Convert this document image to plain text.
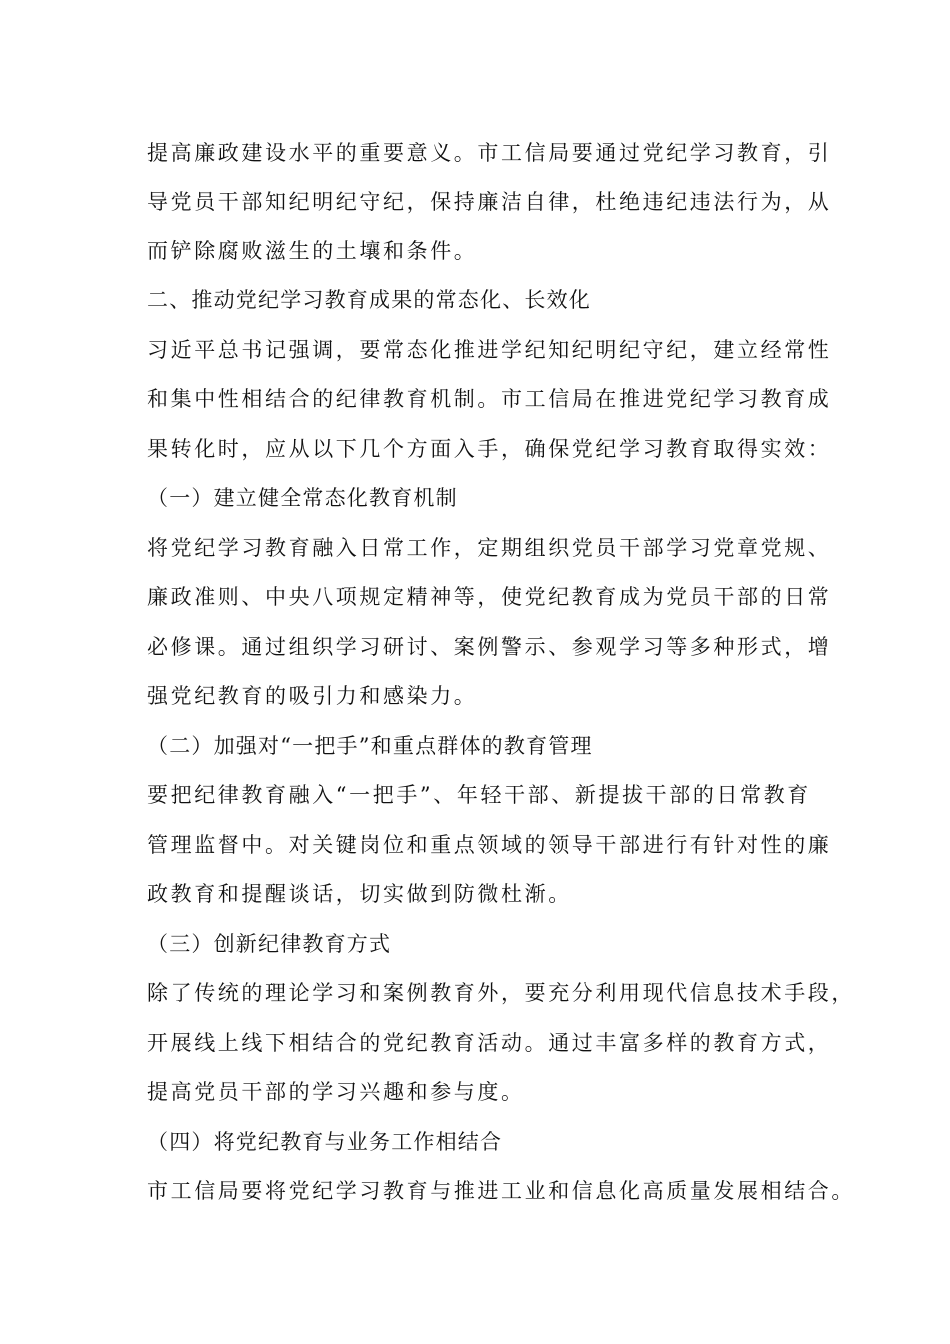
提高廉政建设水平的重要意义。市工信局要通过党纪学习教育，引
导党员干部知纪明纪守纪，保持廉洁自律，杜绝违纪违法行为，从
而铲除腐败滋生的土壤和条件。
二、推动党纪学习教育成果的常态化、长效化
习近平总书记强调，要常态化推进学纪知纪明纪守纪，建立经常性
和集中性相结合的纪律教育机制。市工信局在推进党纪学习教育成
果转化时，应从以下几个方面入手，确保党纪学习教育取得实效：
（一）建立健全常态化教育机制
将党纪学习教育融入日常工作，定期组织党员干部学习党章党规、
廉政准则、中央八项规定精神等，使党纪教育成为党员干部的日常
必修课。通过组织学习研讨、案例警示、参观学习等多种形式，增
强党纪教育的吸引力和感染力。
（二）加强对“一把手”和重点群体的教育管理
要把纪律教育融入“一把手”、年轻干部、新提拔干部的日常教育
管理监督中。对关键岗位和重点领域的领导干部进行有针对性的廉
政教育和提醒谈话，切实做到防微杜渐。
（三）创新纪律教育方式
除了传统的理论学习和案例教育外，要充分利用现代信息技术手段，
开展线上线下相结合的党纪教育活动。通过丰富多样的教育方式，
提高党员干部的学习兴趣和参与度。
（四）将党纪教育与业务工作相结合
市工信局要将党纪学习教育与推进工业和信息化高质量发展相结合。
